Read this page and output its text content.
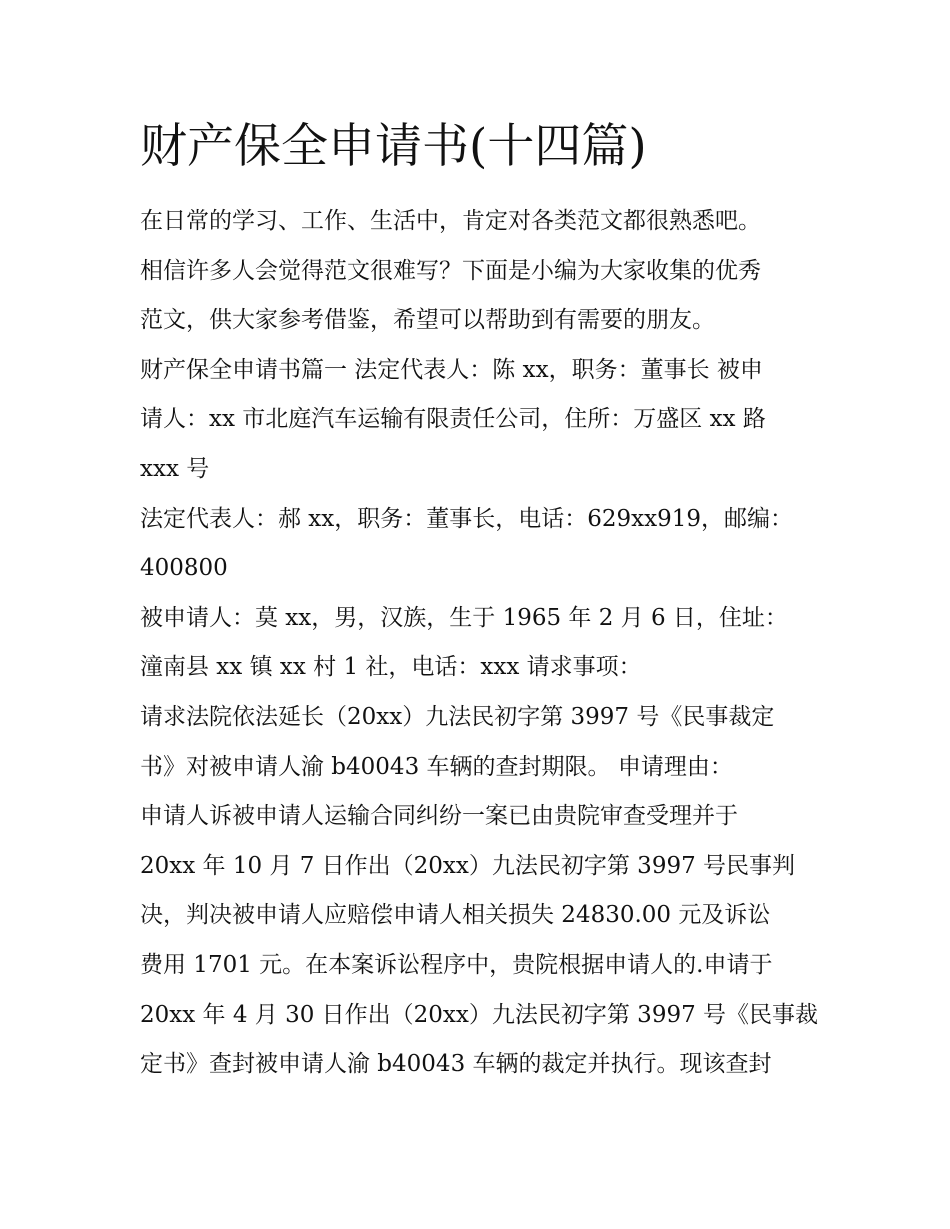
财产保全申请书(十四篇)
在日常的学习、工作、生活中，肯定对各类范文都很熟悉吧。
相信许多人会觉得范文很难写？下面是小编为大家收集的优秀
范文，供大家参考借鉴，希望可以帮助到有需要的朋友。
财产保全申请书篇一 法定代表人：陈 xx，职务：董事长 被申
请人：xx 市北庭汽车运输有限责任公司，住所：万盛区 xx 路
xxx 号
法定代表人：郝 xx，职务：董事长，电话：629xx919，邮编：
400800
被申请人：莫 xx，男，汉族，生于 1965 年 2 月 6 日，住址：
潼南县 xx 镇 xx 村 1 社，电话：xxx 请求事项：
请求法院依法延长（20xx）九法民初字第 3997 号《民事裁定
书》对被申请人渝 b40043 车辆的查封期限。 申请理由：
申请人诉被申请人运输合同纠纷一案已由贵院审查受理并于
20xx 年 10 月 7 日作出（20xx）九法民初字第 3997 号民事判
决，判决被申请人应赔偿申请人相关损失 24830.00 元及诉讼
费用 1701 元。在本案诉讼程序中，贵院根据申请人的.申请于
20xx 年 4 月 30 日作出（20xx）九法民初字第 3997 号《民事裁
定书》查封被申请人渝 b40043 车辆的裁定并执行。现该查封
